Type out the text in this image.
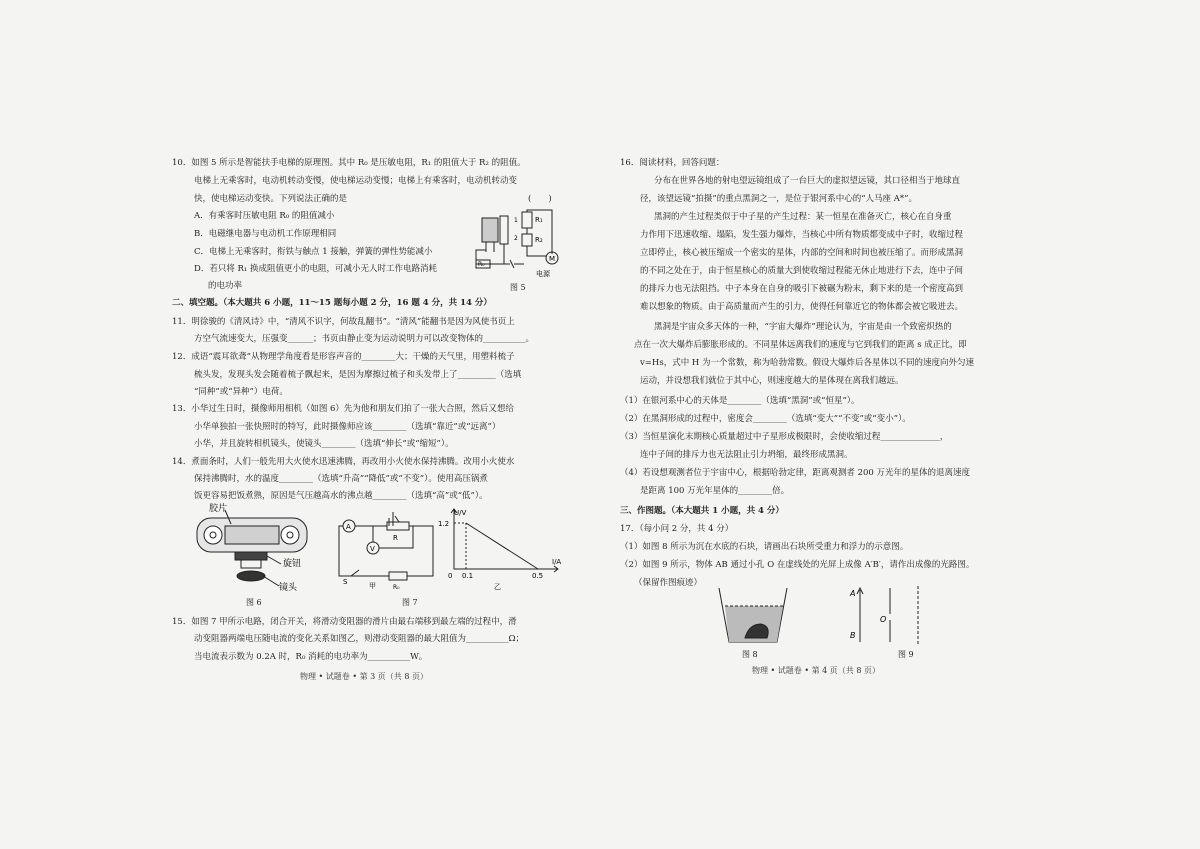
10．如图 5 所示是智能扶手电梯的原理图。其中 R₀ 是压敏电阻，R₁ 的阻值大于 R₂ 的阻值。
电梯上无乘客时，电动机转动变慢，使电梯运动变慢；电梯上有乘客时，电动机转动变
快，使电梯运动变快。下列说法正确的是	(　　)
A．有乘客时压敏电阻 R₀ 的阻值减小
B．电磁继电器与电动机工作原理相同
C．电梯上无乘客时，衔铁与触点 1 接触，弹簧的弹性势能减小
D．若只将 R₁ 换成阻值更小的电阻，可减小无人时工作电路消耗
的电功率
R₁
R₂
R₀
M
电源
1
2
图 5
二、填空题。（本大题共 6 小题，11～15 题每小题 2 分，16 题 4 分，共 14 分）
11．明徐骏的《清风诗》中，“清风不识字，何故乱翻书”。“清风”能翻书是因为风使书页上
方空气流速变大，压强变______；书页由静止变为运动说明力可以改变物体的__________。
12．成语“震耳欲聋”从物理学角度看是形容声音的________大；干燥的天气里，用塑料梳子
梳头发，发现头发会随着梳子飘起来，是因为摩擦过梳子和头发带上了_________（选填
“同种”或“异种”）电荷。
13．小华过生日时，摄像师用相机（如图 6）先为他和朋友们拍了一张大合照，然后又想给
小华单独拍一张快照时的特写，此时摄像师应该________（选填“靠近”或“远离”）
小华，并且旋转相机镜头，使镜头________（选填“伸长”或“缩短”）。
14．煮面条时，人们一般先用大火使水迅速沸腾，再改用小火使水保持沸腾。改用小火使水
保持沸腾时，水的温度________（选填“升高”“降低”或“不变”）。使用高压锅煮
饭更容易把饭煮熟，原因是气压越高水的沸点越________（选填“高”或“低”）。
胶片
旋钮
镜头
图 6
A
V
R
S
R₀
甲
U/V
1.2
0 0.1	0.5
I/A
乙
图 7
15．如图 7 甲所示电路，闭合开关，将滑动变阻器的滑片由最右端移到最左端的过程中，滑
动变阻器两端电压随电流的变化关系如图乙，则滑动变阻器的最大阻值为__________Ω；
当电流表示数为 0.2A 时，R₀ 消耗的电功率为__________W。
物理 • 试题卷 • 第 3 页（共 8 页）
16．阅读材料，回答问题：
分布在世界各地的射电望远镜组成了一台巨大的虚拟望远镜，其口径相当于地球直
径，该望远镜“拍摄”的重点黑洞之一，是位于银河系中心的“人马座 A*”。
黑洞的产生过程类似于中子星的产生过程：某一恒星在准备灭亡，核心在自身重
力作用下迅速收缩、塌陷，发生强力爆炸，当核心中所有物质都变成中子时，收缩过程
立即停止，核心被压缩成一个密实的星体，内部的空间和时间也被压缩了。而形成黑洞
的不同之处在于，由于恒星核心的质量大到使收缩过程能无休止地进行下去，连中子间
的排斥力也无法阻挡。中子本身在自身的吸引下被碾为粉末，剩下来的是一个密度高到
难以想象的物质。由于高质量而产生的引力，使得任何靠近它的物体都会被它吸进去。
黑洞是宇宙众多天体的一种，“宇宙大爆炸”理论认为，宇宙是由一个致密炽热的
点在一次大爆炸后膨胀形成的。不同星体远离我们的速度与它到我们的距离 s 成正比，即
v=Hs，式中 H 为一个常数，称为哈勃常数。假设大爆炸后各星体以不同的速度向外匀速
运动，并设想我们就位于其中心，则速度越大的星体现在离我们越远。
（1）在银河系中心的天体是________（选填“黑洞”或“恒星”）。
（2）在黑洞形成的过程中，密度会________（选填“变大”“不变”或“变小”）。
（3）当恒星演化末期核心质量超过中子星形成极限时，会使收缩过程______________，
连中子间的排斥力也无法阻止引力坍缩，最终形成黑洞。
（4）若设想观测者位于宇宙中心，根据哈勃定律，距离观测者 200 万光年的星体的退离速度
是距离 100 万光年星体的________倍。
三、作图题。（本大题共 1 小题，共 4 分）
17．（每小问 2 分，共 4 分）
（1）如图 8 所示为沉在水底的石块，请画出石块所受重力和浮力的示意图。
（2）如图 9 所示，物体 AB 通过小孔 O 在虚线处的光屏上成像 A′B′，请作出成像的光路图。
（保留作图痕迹）
图 8
A
B
O
图 9
物理 • 试题卷 • 第 4 页（共 8 页）
